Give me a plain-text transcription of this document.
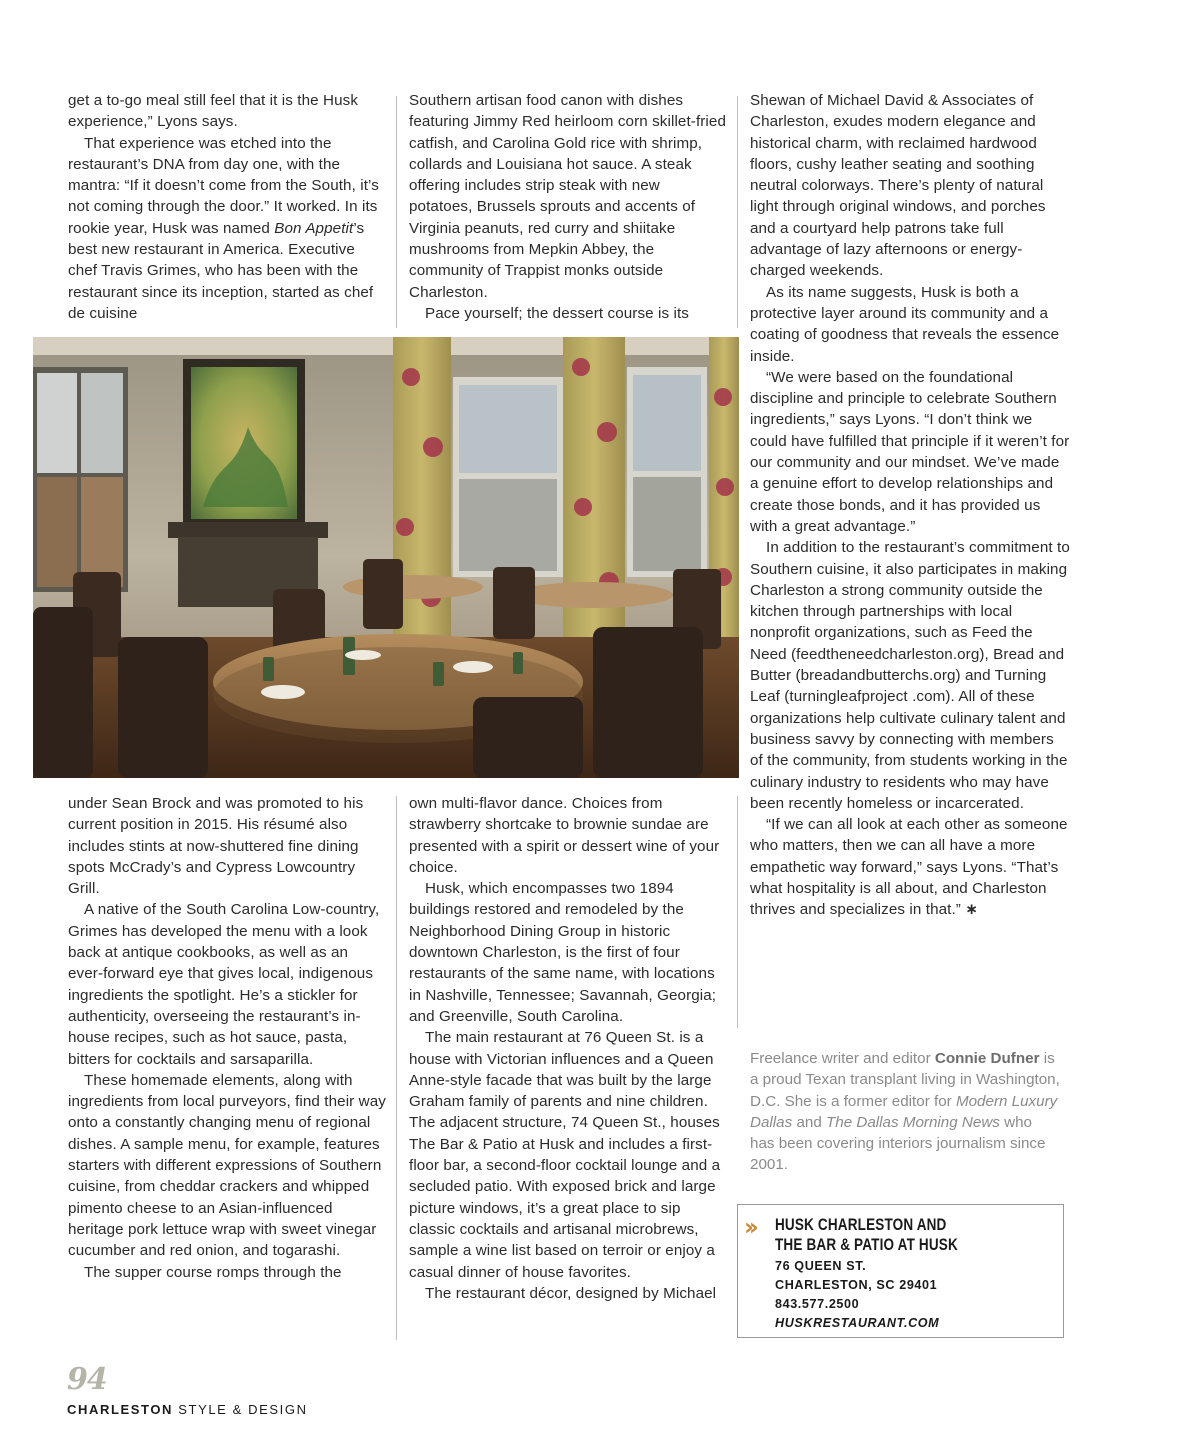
get a to-go meal still feel that it is the Husk experience,” Lyons says.

That experience was etched into the restaurant’s DNA from day one, with the mantra: “If it doesn’t come from the South, it’s not coming through the door.” It worked. In its rookie year, Husk was named Bon Appetit’s best new restaurant in America. Executive chef Travis Grimes, who has been with the restaurant since its inception, started as chef de cuisine

Southern artisan food canon with dishes featuring Jimmy Red heirloom corn skillet-fried catfish, and Carolina Gold rice with shrimp, collards and Louisiana hot sauce. A steak offering includes strip steak with new potatoes, Brussels sprouts and accents of Virginia peanuts, red curry and shiitake mushrooms from Mepkin Abbey, the community of Trappist monks outside Charleston.

Pace yourself; the dessert course is its

Shewan of Michael David & Associates of Charleston, exudes modern elegance and historical charm, with reclaimed hardwood floors, cushy leather seating and soothing neutral colorways. There’s plenty of natural light through original windows, and porches and a courtyard help patrons take full advantage of lazy afternoons or energy-charged weekends.

As its name suggests, Husk is both a protective layer around its community and a coating of goodness that reveals the essence inside.

“We were based on the foundational discipline and principle to celebrate Southern ingredients,” says Lyons. “I don’t think we could have fulfilled that principle if it weren’t for our community and our mindset. We’ve made a genuine effort to develop relationships and create those bonds, and it has provided us with a great advantage.”

In addition to the restaurant’s commitment to Southern cuisine, it also participates in making Charleston a strong community outside the kitchen through partnerships with local nonprofit organizations, such as Feed the Need (feedtheneedcharleston.org), Bread and Butter (breadandbutterchs.org) and Turning Leaf (turningleafproject .com). All of these organizations help cultivate culinary talent and business savvy by connecting with members of the community, from students working in the culinary industry to residents who may have been recently homeless or incarcerated.

“If we can all look at each other as someone who matters, then we can all have a more empathetic way forward,” says Lyons. “That’s what hospitality is all about, and Charleston thrives and specializes in that.” ∗

under Sean Brock and was promoted to his current position in 2015. His résumé also includes stints at now-shuttered fine dining spots McCrady’s and Cypress Lowcountry Grill.

A native of the South Carolina Low-country, Grimes has developed the menu with a look back at antique cookbooks, as well as an ever-forward eye that gives local, indigenous ingredients the spotlight. He’s a stickler for authenticity, overseeing the restaurant’s in-house recipes, such as hot sauce, pasta, bitters for cocktails and sarsaparilla.

These homemade elements, along with ingredients from local purveyors, find their way onto a constantly changing menu of regional dishes. A sample menu, for example, features starters with different expressions of Southern cuisine, from cheddar crackers and whipped pimento cheese to an Asian-influenced heritage pork lettuce wrap with sweet vinegar cucumber and red onion, and togarashi.

The supper course romps through the

own multi-flavor dance. Choices from strawberry shortcake to brownie sundae are presented with a spirit or dessert wine of your choice.

Husk, which encompasses two 1894 buildings restored and remodeled by the Neighborhood Dining Group in historic downtown Charleston, is the first of four restaurants of the same name, with locations in Nashville, Tennessee; Savannah, Georgia; and Greenville, South Carolina.

The main restaurant at 76 Queen St. is a house with Victorian influences and a Queen Anne-style facade that was built by the large Graham family of parents and nine children. The adjacent structure, 74 Queen St., houses The Bar & Patio at Husk and includes a first-floor bar, a second-floor cocktail lounge and a secluded patio. With exposed brick and large picture windows, it’s a great place to sip classic cocktails and artisanal microbrews, sample a wine list based on terroir or enjoy a casual dinner of house favorites.

The restaurant décor, designed by Michael

Freelance writer and editor Connie Dufner is a proud Texan transplant living in Washington, D.C. She is a former editor for Modern Luxury Dallas and The Dallas Morning News who has been covering interiors journalism since 2001.
›› HUSK CHARLESTON AND
THE BAR & PATIO AT HUSK
76 QUEEN ST.
CHARLESTON, SC 29401
843.577.2500
HUSKRESTAURANT.COM
94
CHARLESTON STYLE & DESIGN
